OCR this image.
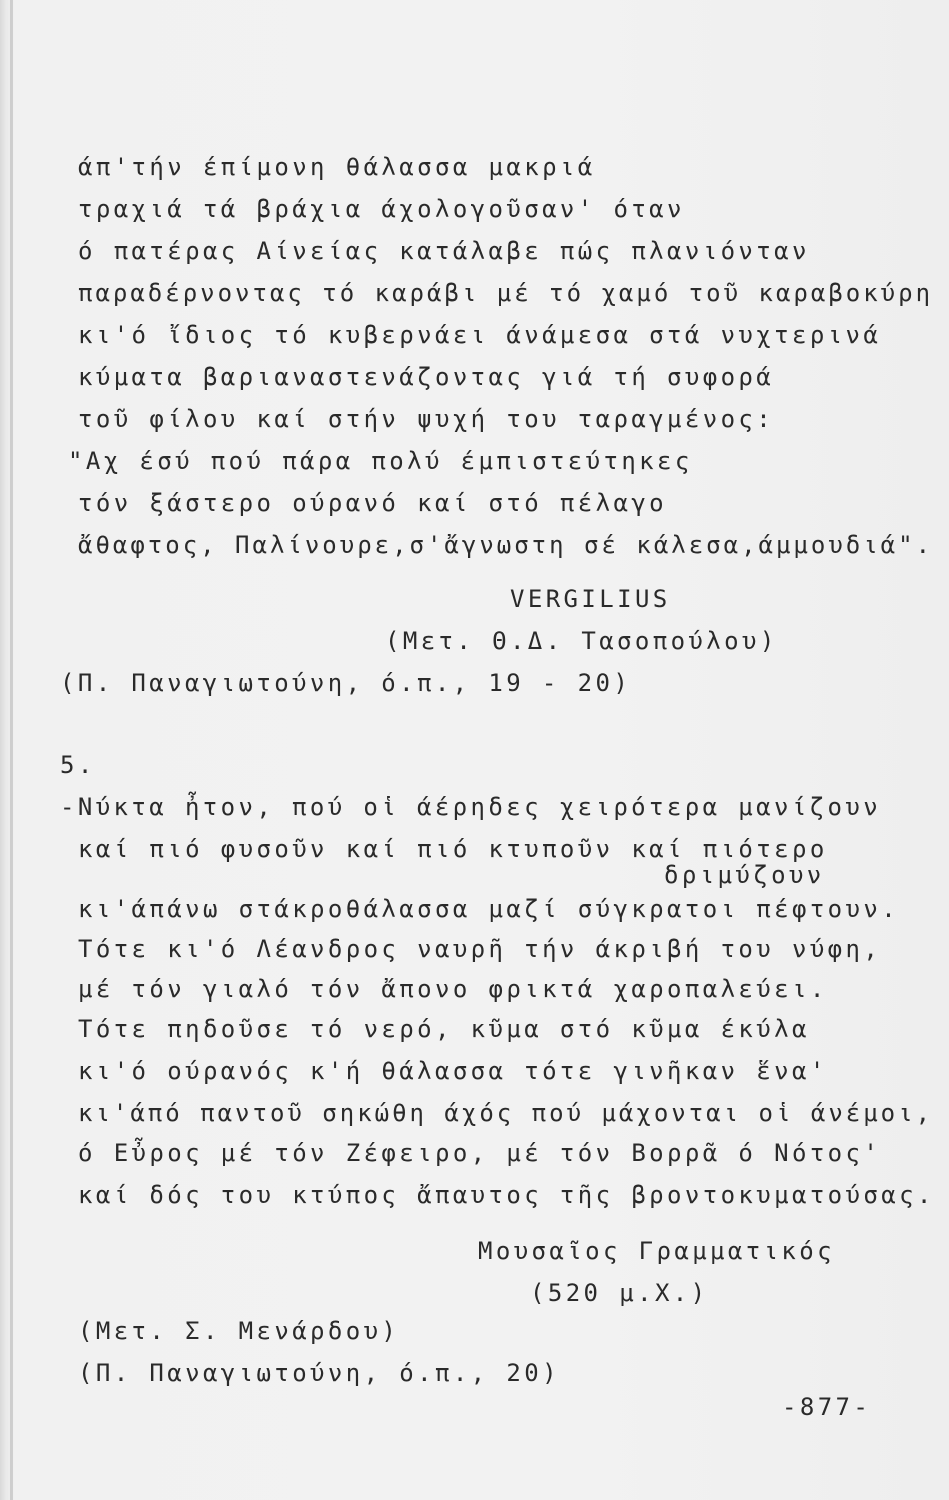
άπ'τήν έπίμονη θάλασσα μακριά

τραχιά τά βράχια άχολογοῦσαν' όταν

ό πατέρας Αίνείας κατάλαβε πώς πλανιόνταν

παραδέρνοντας τό καράβι μέ τό χαμό τοῦ καραβοκύρη

κι'ό ἴδιος τό κυβερνάει άνάμεσα στά νυχτερινά

κύματα βαριαναστενάζοντας γιά τή συφορά

τοῦ φίλου καί στήν ψυχή του ταραγμένος:

"Αχ έσύ πού πάρα πολύ έμπιστεύτηκες

τόν ξάστερο ούρανό καί στό πέλαγο

ἄθαφτος, Παλίνουρε,σ'ἄγνωστη σέ κάλεσα,άμμουδιά".

VERGILIUS

(Μετ. Θ.Δ. Τασοπούλου)

(Π. Παναγιωτούνη, ό.π., 19 - 20)

5.

-Νύκτα ἦτον, πού οἱ άέρηδες χειρότερα μανίζουν

καί πιό φυσοῦν καί πιό κτυποῦν καί πιότερο

δριμύζουν

κι'άπάνω στάκροθάλασσα μαζί σύγκρατοι πέφτουν.

Τότε κι'ό Λέανδρος ναυρῆ τήν άκριβή του νύφη,

μέ τόν γιαλό τόν ἄπονο φρικτά χαροπαλεύει.

Τότε πηδοῦσε τό νερό, κῦμα στό κῦμα έκύλα

κι'ό ούρανός κ'ή θάλασσα τότε γινῆκαν ἕνα'

κι'άπό παντοῦ σηκώθη άχός πού μάχονται οἱ άνέμοι,

ό Εὖρος μέ τόν Ζέφειρο, μέ τόν Βορρᾶ ό Νότος'

καί δός του κτύπος ἄπαυτος τῆς βροντοκυματούσας.

Μουσαῖος Γραμματικός

(520 μ.Χ.)

(Μετ. Σ. Μενάρδου)

(Π. Παναγιωτούνη, ό.π., 20)

-877-
